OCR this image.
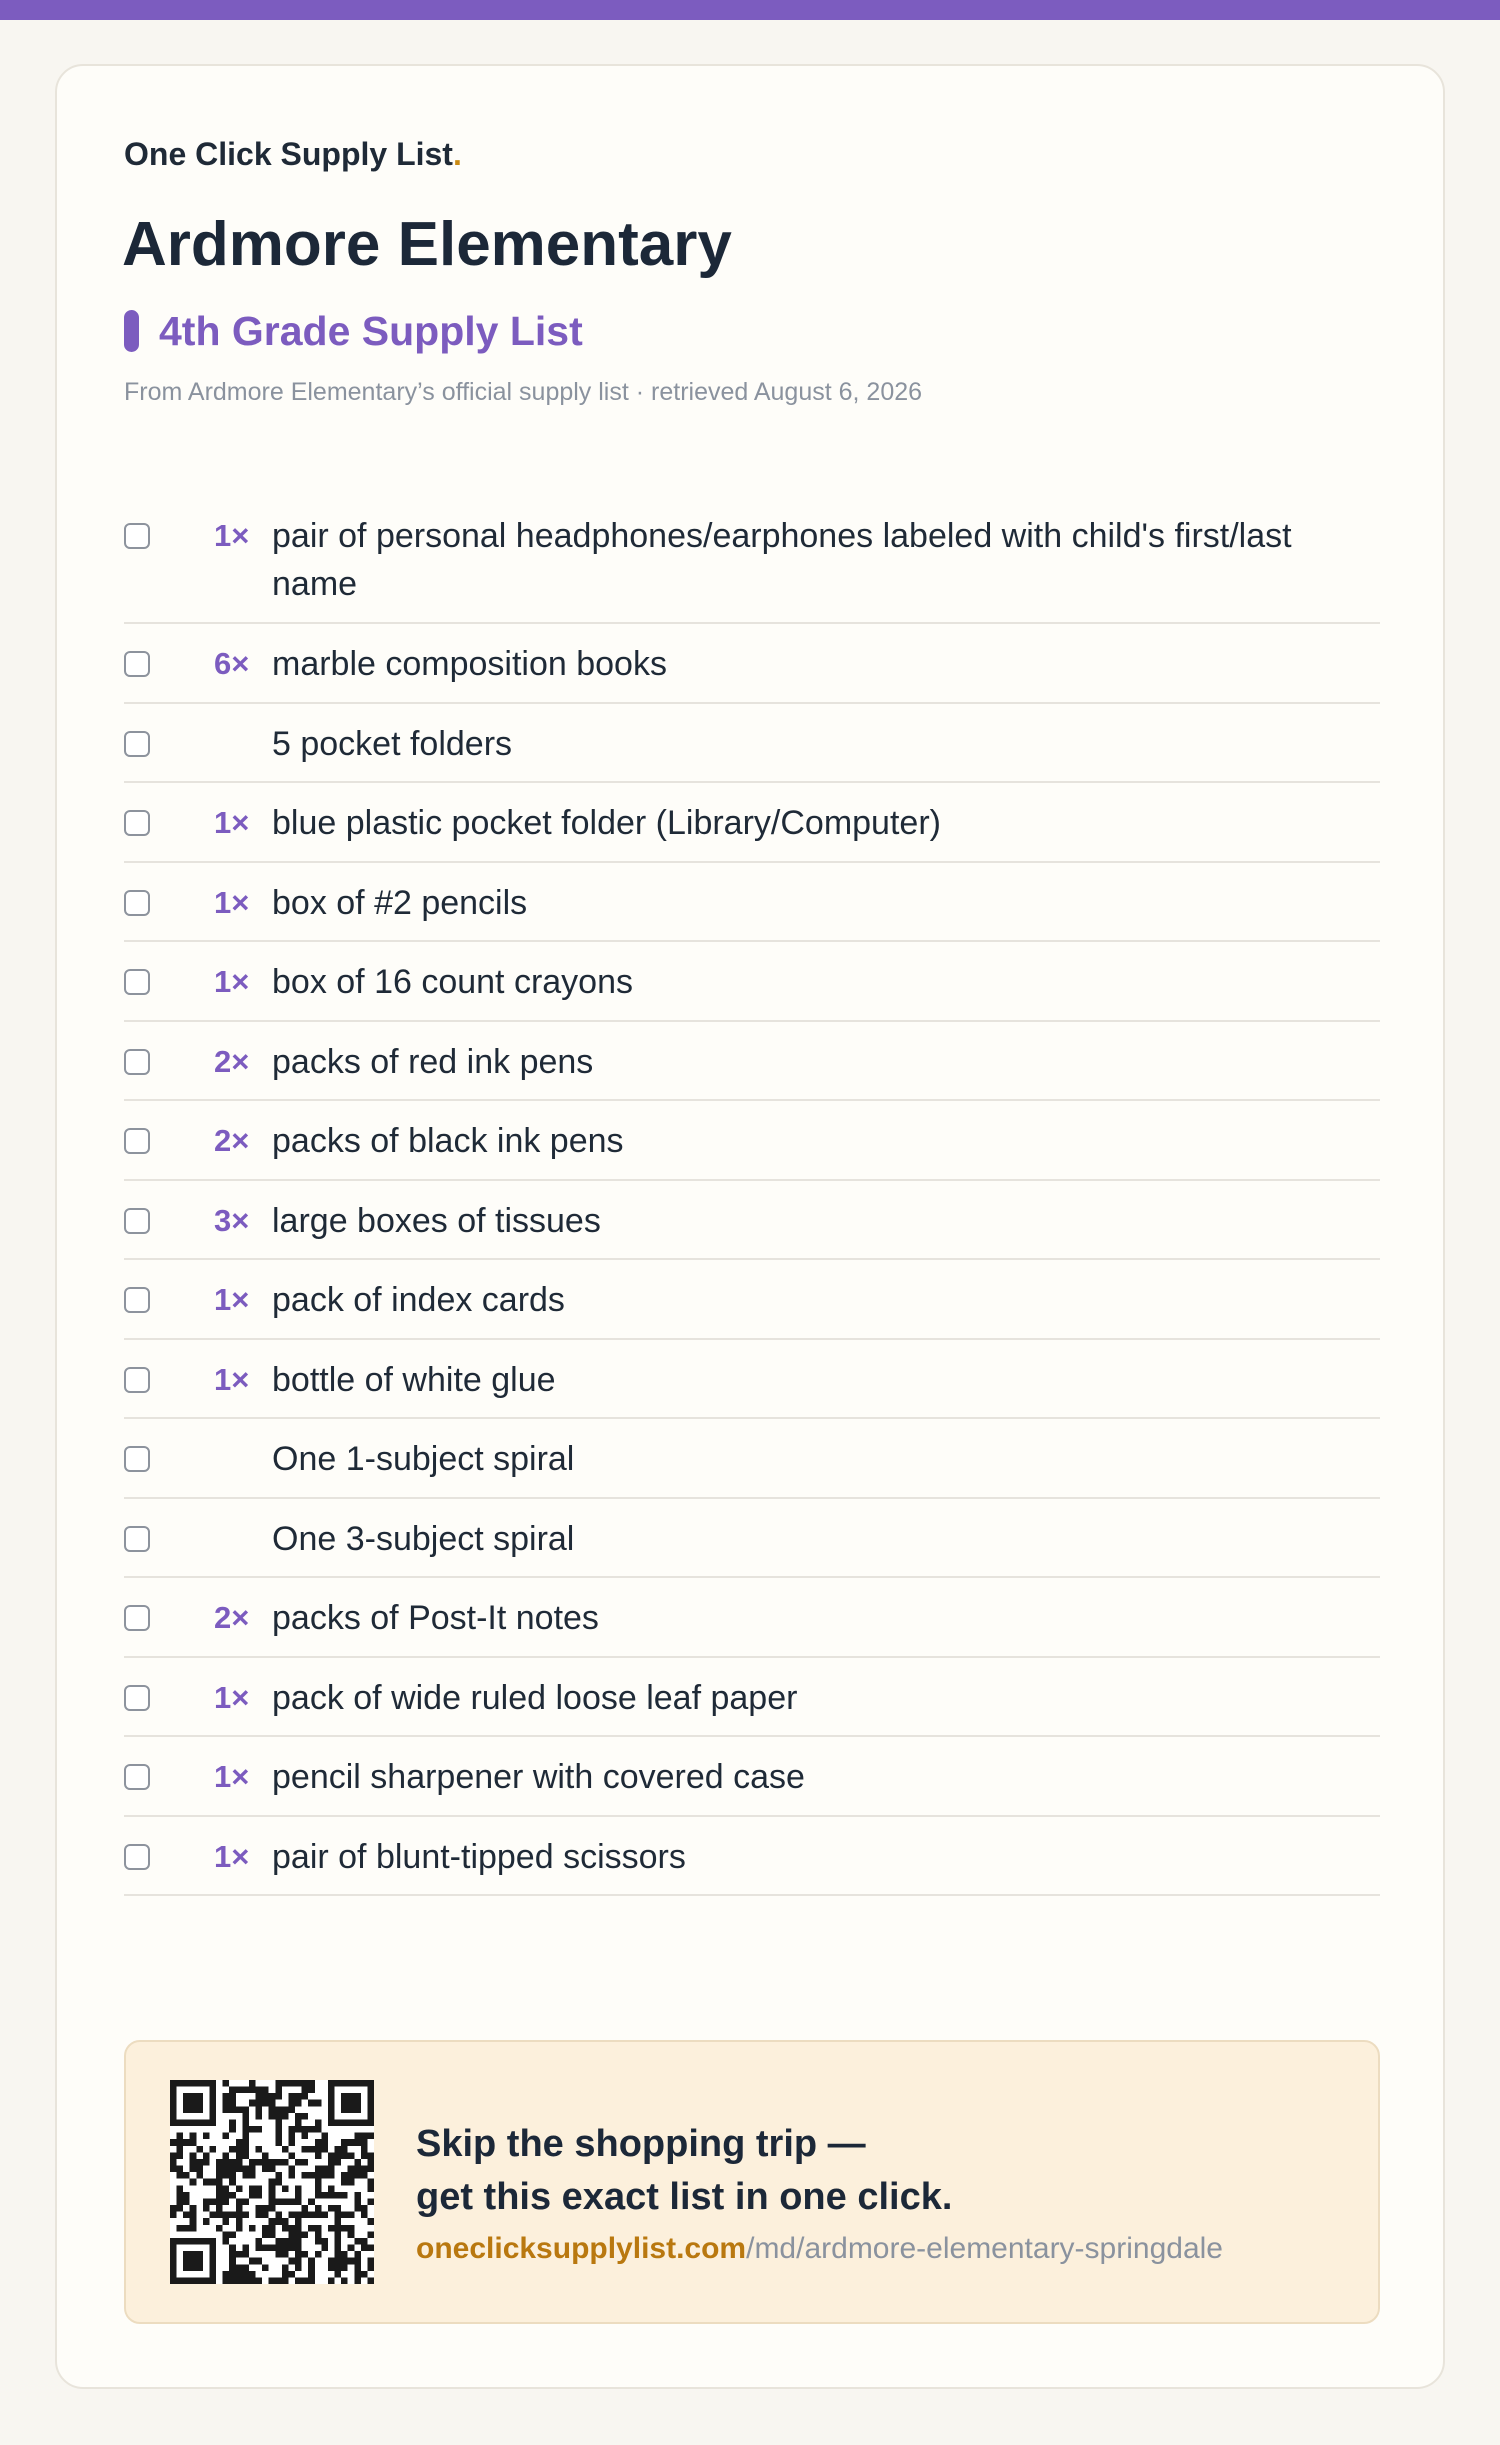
One Click Supply List.
Ardmore Elementary
4th Grade Supply List
From Ardmore Elementary’s official supply list · retrieved August 6, 2026
1× pair of personal headphones/earphones labeled with child's first/last name
6× marble composition books
5 pocket folders
1× blue plastic pocket folder (Library/Computer)
1× box of #2 pencils
1× box of 16 count crayons
2× packs of red ink pens
2× packs of black ink pens
3× large boxes of tissues
1× pack of index cards
1× bottle of white glue
One 1-subject spiral
One 3-subject spiral
2× packs of Post-It notes
1× pack of wide ruled loose leaf paper
1× pencil sharpener with covered case
1× pair of blunt-tipped scissors
Skip the shopping trip —
get this exact list in one click.
oneclicksupplylist.com/md/ardmore-elementary-springdale
